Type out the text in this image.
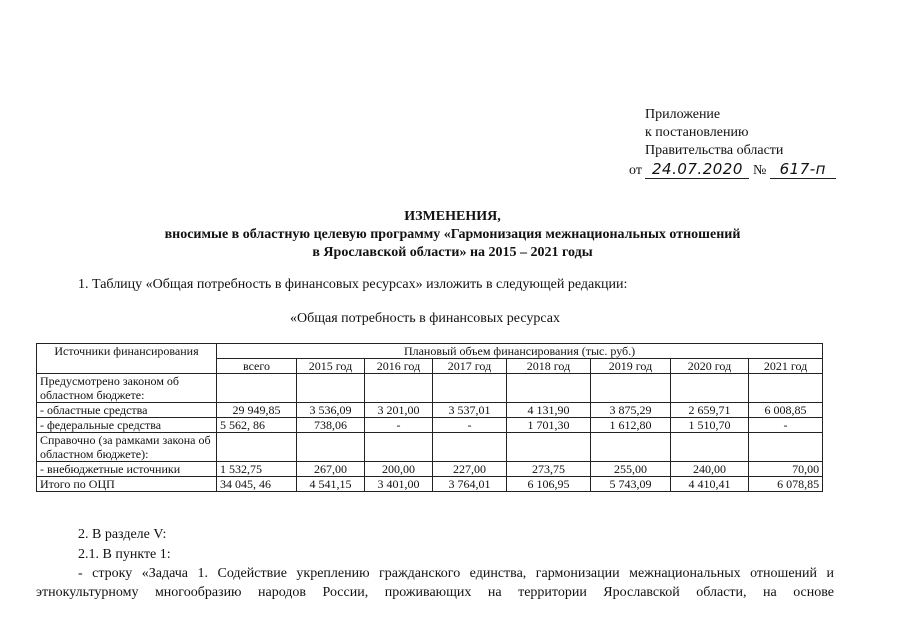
Приложение
к постановлению
Правительства области
от 24.07.2020 № 617-п
ИЗМЕНЕНИЯ,
вносимые в областную целевую программу «Гармонизация межнациональных отношений
в Ярославской области» на 2015 – 2021 годы
1. Таблицу «Общая потребность в финансовых ресурсах» изложить в следующей редакции:
«Общая потребность в финансовых ресурсах
Источники финансирования	Плановый объем финансирования (тыс. руб.)							
	всего	2015 год	2016 год	2017 год	2018 год	2019 год	2020 год	2021 год
Предусмотрено законом об областном бюджете:								
- областные средства	29 949,85	3 536,09	3 201,00	3 537,01	4 131,90	3 875,29	2 659,71	6 008,85
- федеральные средства	5 562, 86	738,06	-	-	1 701,30	1 612,80	1 510,70	-
Справочно (за рамками закона об областном бюджете):								
- внебюджетные источники	1 532,75	267,00	200,00	227,00	273,75	255,00	240,00	70,00
Итого по ОЦП	34 045, 46	4 541,15	3 401,00	3 764,01	6 106,95	5 743,09	4 410,41	6 078,85
2. В разделе V:
2.1. В пункте 1:
- строку «Задача 1. Содействие укреплению гражданского единства, гармонизации межнациональных отношений и
этнокультурному многообразию народов России, проживающих на территории Ярославской области, на основе
